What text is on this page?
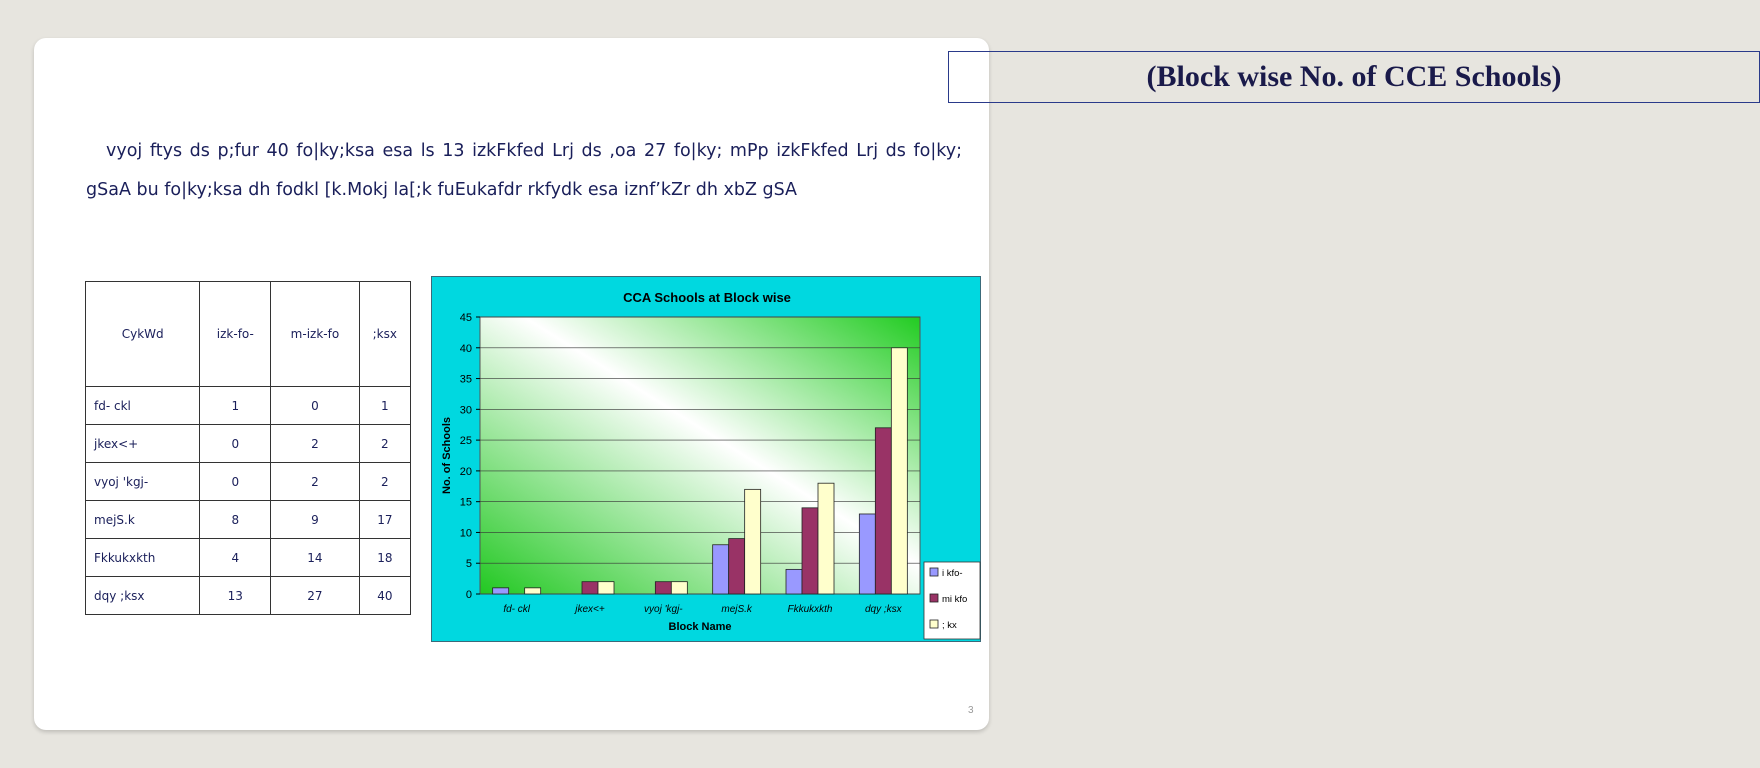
(Block wise No. of CCE Schools)
vyoj ftys ds p;fur 40 fo|ky;ksa esa ls 13 izkFkfed Lrj ds ,oa 27 fo|ky; mPp izkFkfed Lrj ds fo|ky; gSaA bu fo|ky;ksa dh fodkl [k.Mokj la[;k fuEukafdr rkfydk esa iznf’kZr dh xbZ gSA
CykWd	izk-fo-	m-izk-fo	;ksx
fd- ckl	1	0	1
jkex<+	0	2	2
vyoj 'kgj-	0	2	2
mejS.k	8	9	17
Fkkukxkth	4	14	18
dqy ;ksx	13	27	40
CCA Schools at Block wise
0
5
10
15
20
25
30
35
40
45
fd- ckl	jkex<+	vyoj 'kgj-	mejS.k	Fkkukxkth	dqy ;ksx
Block Name
No. of Schools
i kfo-
mi kfo
; kx
3
